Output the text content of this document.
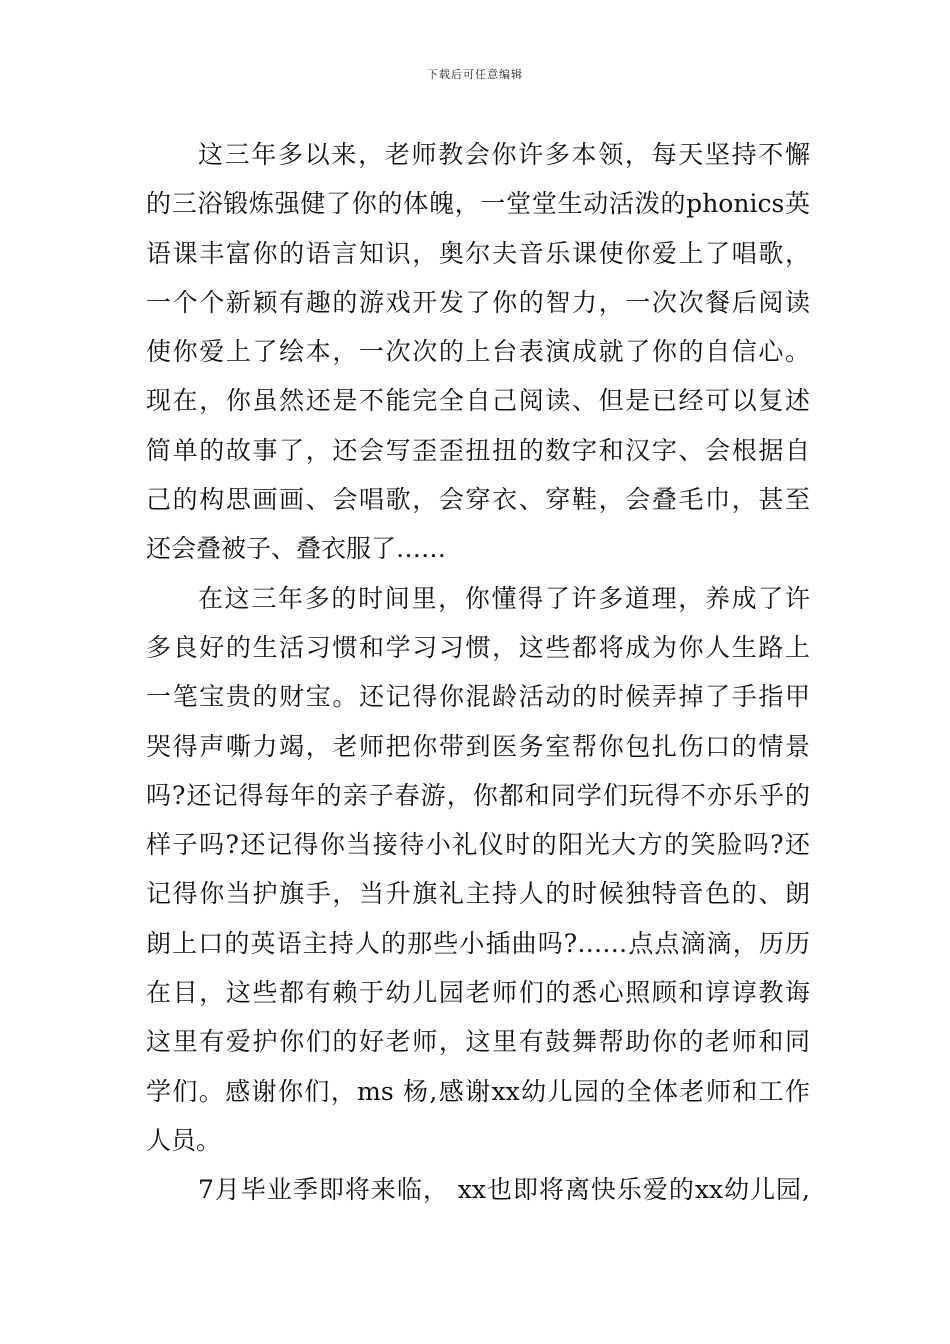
下载后可任意编辑
这三年多以来，老师教会你许多本领，每天坚持不懈
的三浴锻炼强健了你的体魄，一堂堂生动活泼的phonics英
语课丰富你的语言知识，奥尔夫音乐课使你爱上了唱歌，
一个个新颖有趣的游戏开发了你的智力，一次次餐后阅读
使你爱上了绘本，一次次的上台表演成就了你的自信心。
现在，你虽然还是不能完全自己阅读、但是已经可以复述
简单的故事了，还会写歪歪扭扭的数字和汉字、会根据自
己的构思画画、会唱歌，会穿衣、穿鞋，会叠毛巾，甚至
还会叠被子、叠衣服了……
在这三年多的时间里，你懂得了许多道理，养成了许
多良好的生活习惯和学习习惯，这些都将成为你人生路上
一笔宝贵的财宝。还记得你混龄活动的时候弄掉了手指甲
哭得声嘶力竭，老师把你带到医务室帮你包扎伤口的情景
吗?还记得每年的亲子春游，你都和同学们玩得不亦乐乎的
样子吗?还记得你当接待小礼仪时的阳光大方的笑脸吗?还
记得你当护旗手，当升旗礼主持人的时候独特音色的、朗
朗上口的英语主持人的那些小插曲吗?……点点滴滴，历历
在目，这些都有赖于幼儿园老师们的悉心照顾和谆谆教诲
这里有爱护你们的好老师，这里有鼓舞帮助你的老师和同
学们。感谢你们，ms 杨,感谢xx幼儿园的全体老师和工作
人员。
7月毕业季即将来临， xx也即将离快乐爱的xx幼儿园,
